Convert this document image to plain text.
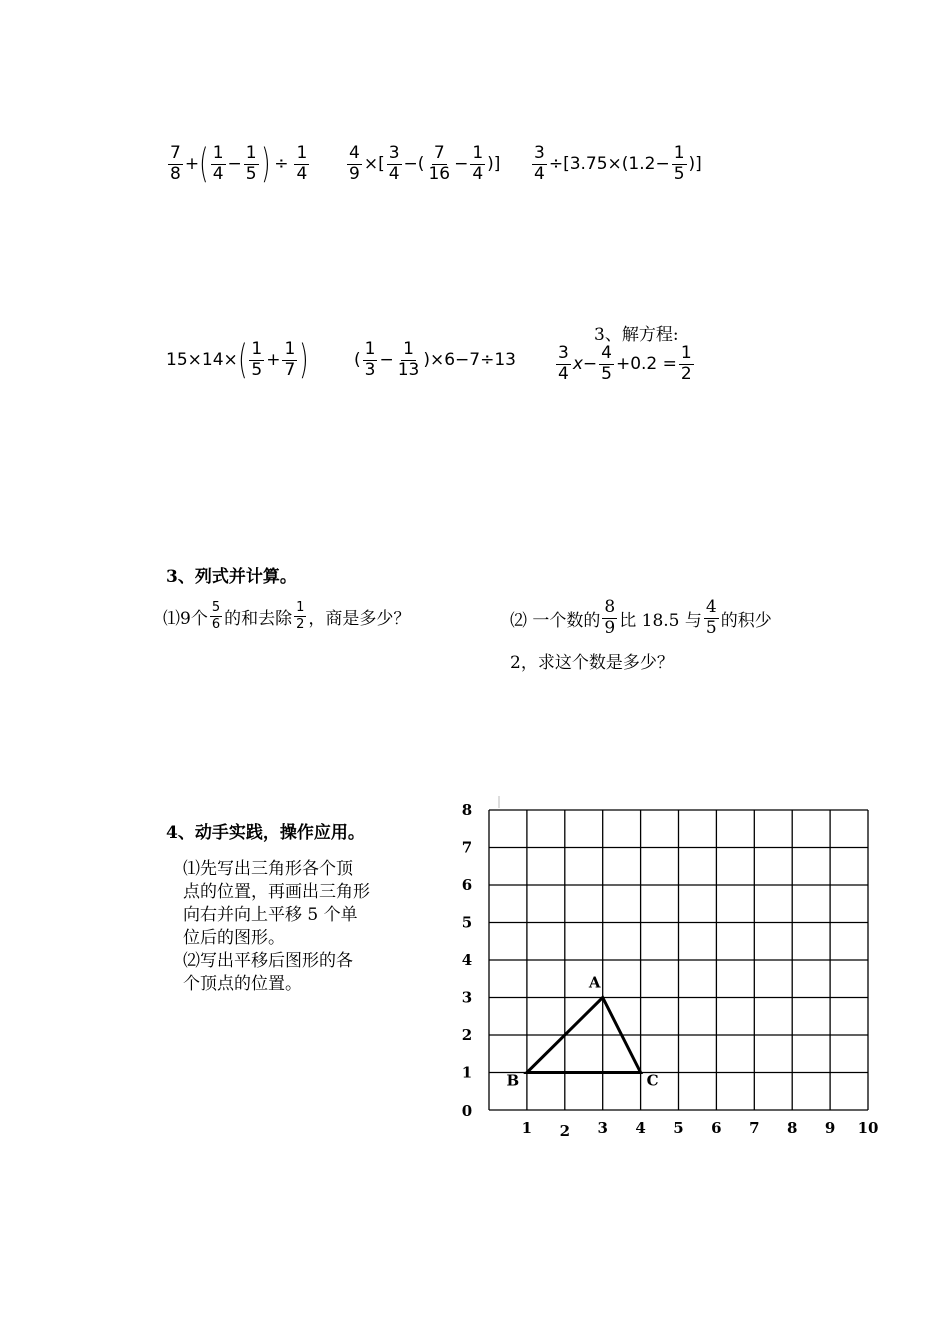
$\frac{7}{8}$ + ( $\frac{1}{4} - \frac{1}{5}$ ) ÷ $\frac{1}{4} \frac{4}{9}$ ×[ $\frac{3}{4}$ −( $\frac{7}{16} - \frac{1}{4}$ )] $\frac{3}{4} \div[3.75\times(1.2- \frac{1}{5}$ )]
15×14× ( $\frac{1}{5} + \frac{1}{7}$ )	( $\frac{1}{3} - \frac{1}{13} )\times 6-7\div 13$
3、解方程:
$\frac{3}{4}$ $x - \frac{4}{5} +0.2 = \frac{1}{2}$
3、列式并计算。
⑴9个 $\frac{5}{6}$ 的和去除 $\frac{1}{2}$ ，商是多少？	⑵ 一个数的 $\frac{8}{9}$ 比 18.5 与 $\frac{4}{5}$ 的积少
2，求这个数是多少？
4、动手实践，操作应用。
⑴先写出三角形各个顶
点的位置，再画出三角形
向右并向上平移 5 个单
位后的图形。
⑵写出平移后图形的各
个顶点的位置。
1 2 3 4 5 6 7 8 9 10
0
1
2
3
4
5
6
7
8
A
B	C
